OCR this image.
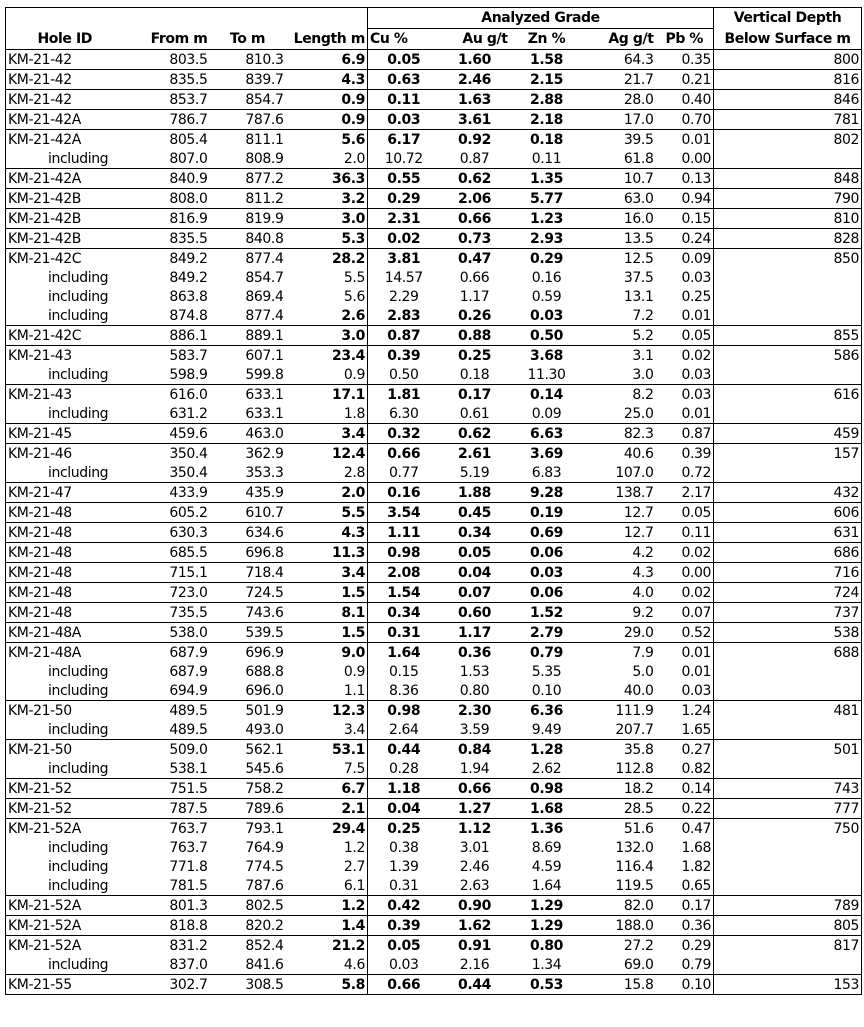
				Analyzed Grade					Vertical Depth
Hole ID	From m	To m	Length m	Cu %	Au g/t	Zn %	Ag g/t	Pb %	Below Surface m
KM-21-42	803.5	810.3	6.9	0.05	1.60	1.58	64.3	0.35	800
KM-21-42	835.5	839.7	4.3	0.63	2.46	2.15	21.7	0.21	816
KM-21-42	853.7	854.7	0.9	0.11	1.63	2.88	28.0	0.40	846
KM-21-42A	786.7	787.6	0.9	0.03	3.61	2.18	17.0	0.70	781
KM-21-42A	805.4	811.1	5.6	6.17	0.92	0.18	39.5	0.01	802
including	807.0	808.9	2.0	10.72	0.87	0.11	61.8	0.00	
KM-21-42A	840.9	877.2	36.3	0.55	0.62	1.35	10.7	0.13	848
KM-21-42B	808.0	811.2	3.2	0.29	2.06	5.77	63.0	0.94	790
KM-21-42B	816.9	819.9	3.0	2.31	0.66	1.23	16.0	0.15	810
KM-21-42B	835.5	840.8	5.3	0.02	0.73	2.93	13.5	0.24	828
KM-21-42C	849.2	877.4	28.2	3.81	0.47	0.29	12.5	0.09	850
including	849.2	854.7	5.5	14.57	0.66	0.16	37.5	0.03	
including	863.8	869.4	5.6	2.29	1.17	0.59	13.1	0.25	
including	874.8	877.4	2.6	2.83	0.26	0.03	7.2	0.01	
KM-21-42C	886.1	889.1	3.0	0.87	0.88	0.50	5.2	0.05	855
KM-21-43	583.7	607.1	23.4	0.39	0.25	3.68	3.1	0.02	586
including	598.9	599.8	0.9	0.50	0.18	11.30	3.0	0.03	
KM-21-43	616.0	633.1	17.1	1.81	0.17	0.14	8.2	0.03	616
including	631.2	633.1	1.8	6.30	0.61	0.09	25.0	0.01	
KM-21-45	459.6	463.0	3.4	0.32	0.62	6.63	82.3	0.87	459
KM-21-46	350.4	362.9	12.4	0.66	2.61	3.69	40.6	0.39	157
including	350.4	353.3	2.8	0.77	5.19	6.83	107.0	0.72	
KM-21-47	433.9	435.9	2.0	0.16	1.88	9.28	138.7	2.17	432
KM-21-48	605.2	610.7	5.5	3.54	0.45	0.19	12.7	0.05	606
KM-21-48	630.3	634.6	4.3	1.11	0.34	0.69	12.7	0.11	631
KM-21-48	685.5	696.8	11.3	0.98	0.05	0.06	4.2	0.02	686
KM-21-48	715.1	718.4	3.4	2.08	0.04	0.03	4.3	0.00	716
KM-21-48	723.0	724.5	1.5	1.54	0.07	0.06	4.0	0.02	724
KM-21-48	735.5	743.6	8.1	0.34	0.60	1.52	9.2	0.07	737
KM-21-48A	538.0	539.5	1.5	0.31	1.17	2.79	29.0	0.52	538
KM-21-48A	687.9	696.9	9.0	1.64	0.36	0.79	7.9	0.01	688
including	687.9	688.8	0.9	0.15	1.53	5.35	5.0	0.01	
including	694.9	696.0	1.1	8.36	0.80	0.10	40.0	0.03	
KM-21-50	489.5	501.9	12.3	0.98	2.30	6.36	111.9	1.24	481
including	489.5	493.0	3.4	2.64	3.59	9.49	207.7	1.65	
KM-21-50	509.0	562.1	53.1	0.44	0.84	1.28	35.8	0.27	501
including	538.1	545.6	7.5	0.28	1.94	2.62	112.8	0.82	
KM-21-52	751.5	758.2	6.7	1.18	0.66	0.98	18.2	0.14	743
KM-21-52	787.5	789.6	2.1	0.04	1.27	1.68	28.5	0.22	777
KM-21-52A	763.7	793.1	29.4	0.25	1.12	1.36	51.6	0.47	750
including	763.7	764.9	1.2	0.38	3.01	8.69	132.0	1.68	
including	771.8	774.5	2.7	1.39	2.46	4.59	116.4	1.82	
including	781.5	787.6	6.1	0.31	2.63	1.64	119.5	0.65	
KM-21-52A	801.3	802.5	1.2	0.42	0.90	1.29	82.0	0.17	789
KM-21-52A	818.8	820.2	1.4	0.39	1.62	1.29	188.0	0.36	805
KM-21-52A	831.2	852.4	21.2	0.05	0.91	0.80	27.2	0.29	817
including	837.0	841.6	4.6	0.03	2.16	1.34	69.0	0.79	
KM-21-55	302.7	308.5	5.8	0.66	0.44	0.53	15.8	0.10	153
